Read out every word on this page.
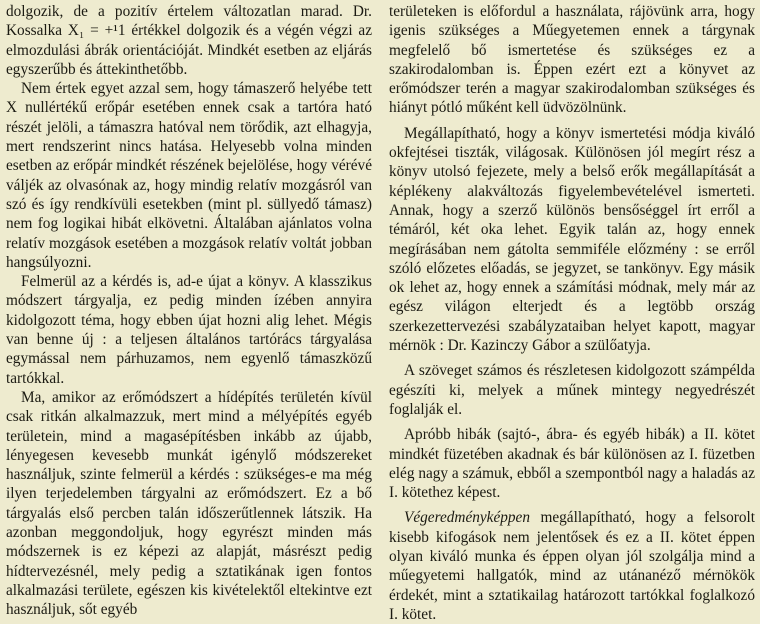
dolgozik, de a pozitív értelem változatlan marad. Dr. Kossalka X₁ = +¹1 értékkel dolgozik és a végén végzi az elmozdulási ábrák orientációját. Mindkét esetben az eljárás egyszerűbb és áttekinthetőbb.

Nem értek egyet azzal sem, hogy támaszerő helyébe tett X nullértékű erőpár esetében ennek csak a tartóra ható részét jelöli, a támaszra hatóval nem törődik, azt elhagyja, mert rendszerint nincs hatása. Helyesebb volna minden esetben az erőpár mindkét részének bejelölése, hogy vérévé váljék az olvasónak az, hogy mindig relatív mozgásról van szó és így rendkívüli esetekben (mint pl. süllyedő támasz) nem fog logikai hibát elkövetni. Általában ajánlatos volna relatív mozgások esetében a mozgások relatív voltát jobban hangsúlyozni.

Felmerül az a kérdés is, ad-e újat a könyv. A klasszikus módszert tárgyalja, ez pedig minden ízében annyira kidolgozott téma, hogy ebben újat hozni alig lehet. Mégis van benne új : a teljesen általános tartórács tárgyalása egymással nem párhuzamos, nem egyenlő támaszközű tartókkal.

Ma, amikor az erőmódszert a hídépítés területén kívül csak ritkán alkalmazzuk, mert mind a mélyépítés egyéb területein, mind a magasépítésben inkább az újabb, lényegesen kevesebb munkát igénylő módszereket használjuk, szinte felmerül a kérdés : szükséges-e ma még ilyen terjedelemben tárgyalni az erőmódszert. Ez a bő tárgyalás első percben talán időszerűtlennek látszik. Ha azonban meggondoljuk, hogy egyrészt minden más módszernek is ez képezi az alapját, másrészt pedig hídtervezésnél, mely pedig a sztatikának igen fontos alkalmazási területe, egészen kis kivételektől eltekintve ezt használjuk, sőt egyéb

területeken is előfordul a használata, rájövünk arra, hogy igenis szükséges a Műegyetemen ennek a tárgynak megfelelő bő ismertetése és szükséges ez a szakirodalomban is. Éppen ezért ezt a könyvet az erőmódszer terén a magyar szakirodalomban szükséges és hiányt pótló műként kell üdvözölnünk.

Megállapítható, hogy a könyv ismertetési módja kiváló okfejtései tiszták, világosak. Különösen jól megírt rész a könyv utolsó fejezete, mely a belső erők megállapítását a képlékeny alakváltozás figyelembevételével ismerteti. Annak, hogy a szerző különös bensőséggel írt erről a témáról, két oka lehet. Egyik talán az, hogy ennek megírásában nem gátolta semmiféle előzmény : se erről szóló előzetes előadás, se jegyzet, se tankönyv. Egy másik ok lehet az, hogy ennek a számítási módnak, mely már az egész világon elterjedt és a legtöbb ország szerkezettervezési szabályzataiban helyet kapott, magyar mérnök : Dr. Kazinczy Gábor a szülőatyja.

A szöveget számos és részletesen kidolgozott számpélda egészíti ki, melyek a műnek mintegy negyedrészét foglalják el.

Apróbb hibák (sajtó-, ábra- és egyéb hibák) a II. kötet mindkét füzetében akadnak és bár különösen az I. füzetben elég nagy a számuk, ebből a szempontból nagy a haladás az I. kötethez képest.

Végeredményképpen megállapítható, hogy a felsorolt kisebb kifogások nem jelentősek és ez a II. kötet éppen olyan kiváló munka és éppen olyan jól szolgálja mind a műegyetemi hallgatók, mind az utánanéző mérnökök érdekét, mint a sztatikailag határozott tartókkal foglalkozó I. kötet.
